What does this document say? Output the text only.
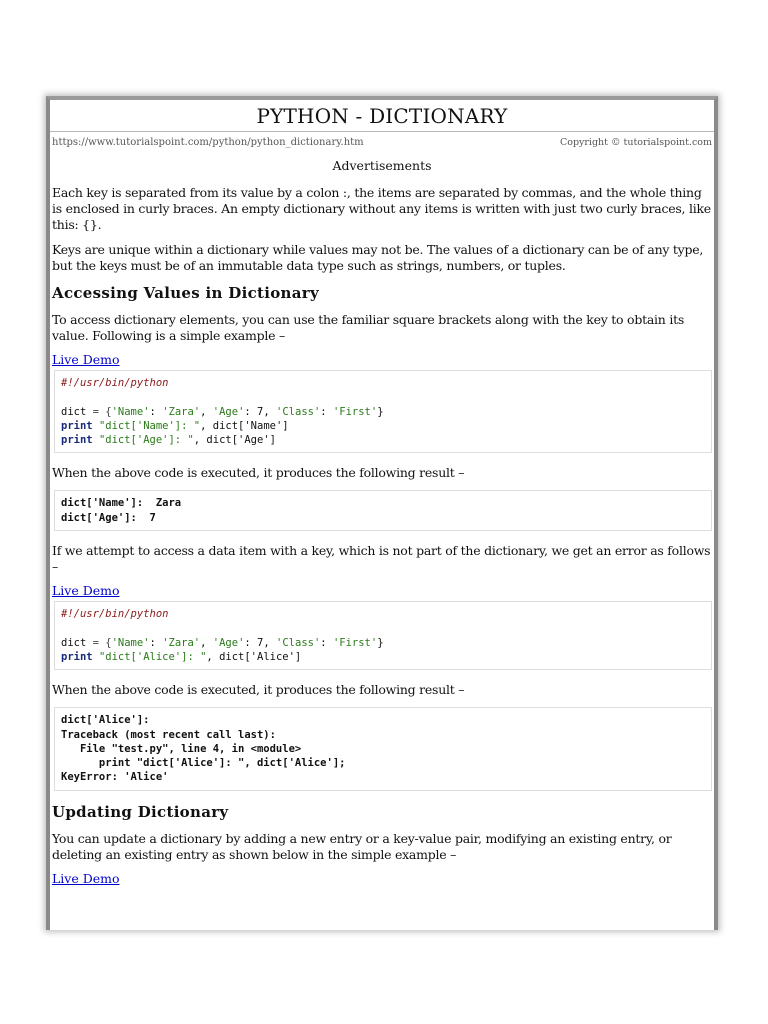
PYTHON - DICTIONARY
https://www.tutorialspoint.com/python/python_dictionary.htm	Copyright © tutorialspoint.com
Advertisements

Each key is separated from its value by a colon :, the items are separated by commas, and the whole thing is enclosed in curly braces. An empty dictionary without any items is written with just two curly braces, like this: {}.

Keys are unique within a dictionary while values may not be. The values of a dictionary can be of any type, but the keys must be of an immutable data type such as strings, numbers, or tuples.

Accessing Values in Dictionary

To access dictionary elements, you can use the familiar square brackets along with the key to obtain its value. Following is a simple example –

Live Demo
#!/usr/bin/python

dict = {'Name': 'Zara', 'Age': 7, 'Class': 'First'}
print "dict['Name']: ", dict['Name']
print "dict['Age']: ", dict['Age']

When the above code is executed, it produces the following result –

dict['Name']:  Zara
dict['Age']:  7

If we attempt to access a data item with a key, which is not part of the dictionary, we get an error as follows –

Live Demo
#!/usr/bin/python

dict = {'Name': 'Zara', 'Age': 7, 'Class': 'First'}
print "dict['Alice']: ", dict['Alice']

When the above code is executed, it produces the following result –

dict['Alice']:
Traceback (most recent call last):
File "test.py", line 4, in <module>
print "dict['Alice']: ", dict['Alice'];
KeyError: 'Alice'
Updating Dictionary

You can update a dictionary by adding a new entry or a key-value pair, modifying an existing entry, or deleting an existing entry as shown below in the simple example –

Live Demo
